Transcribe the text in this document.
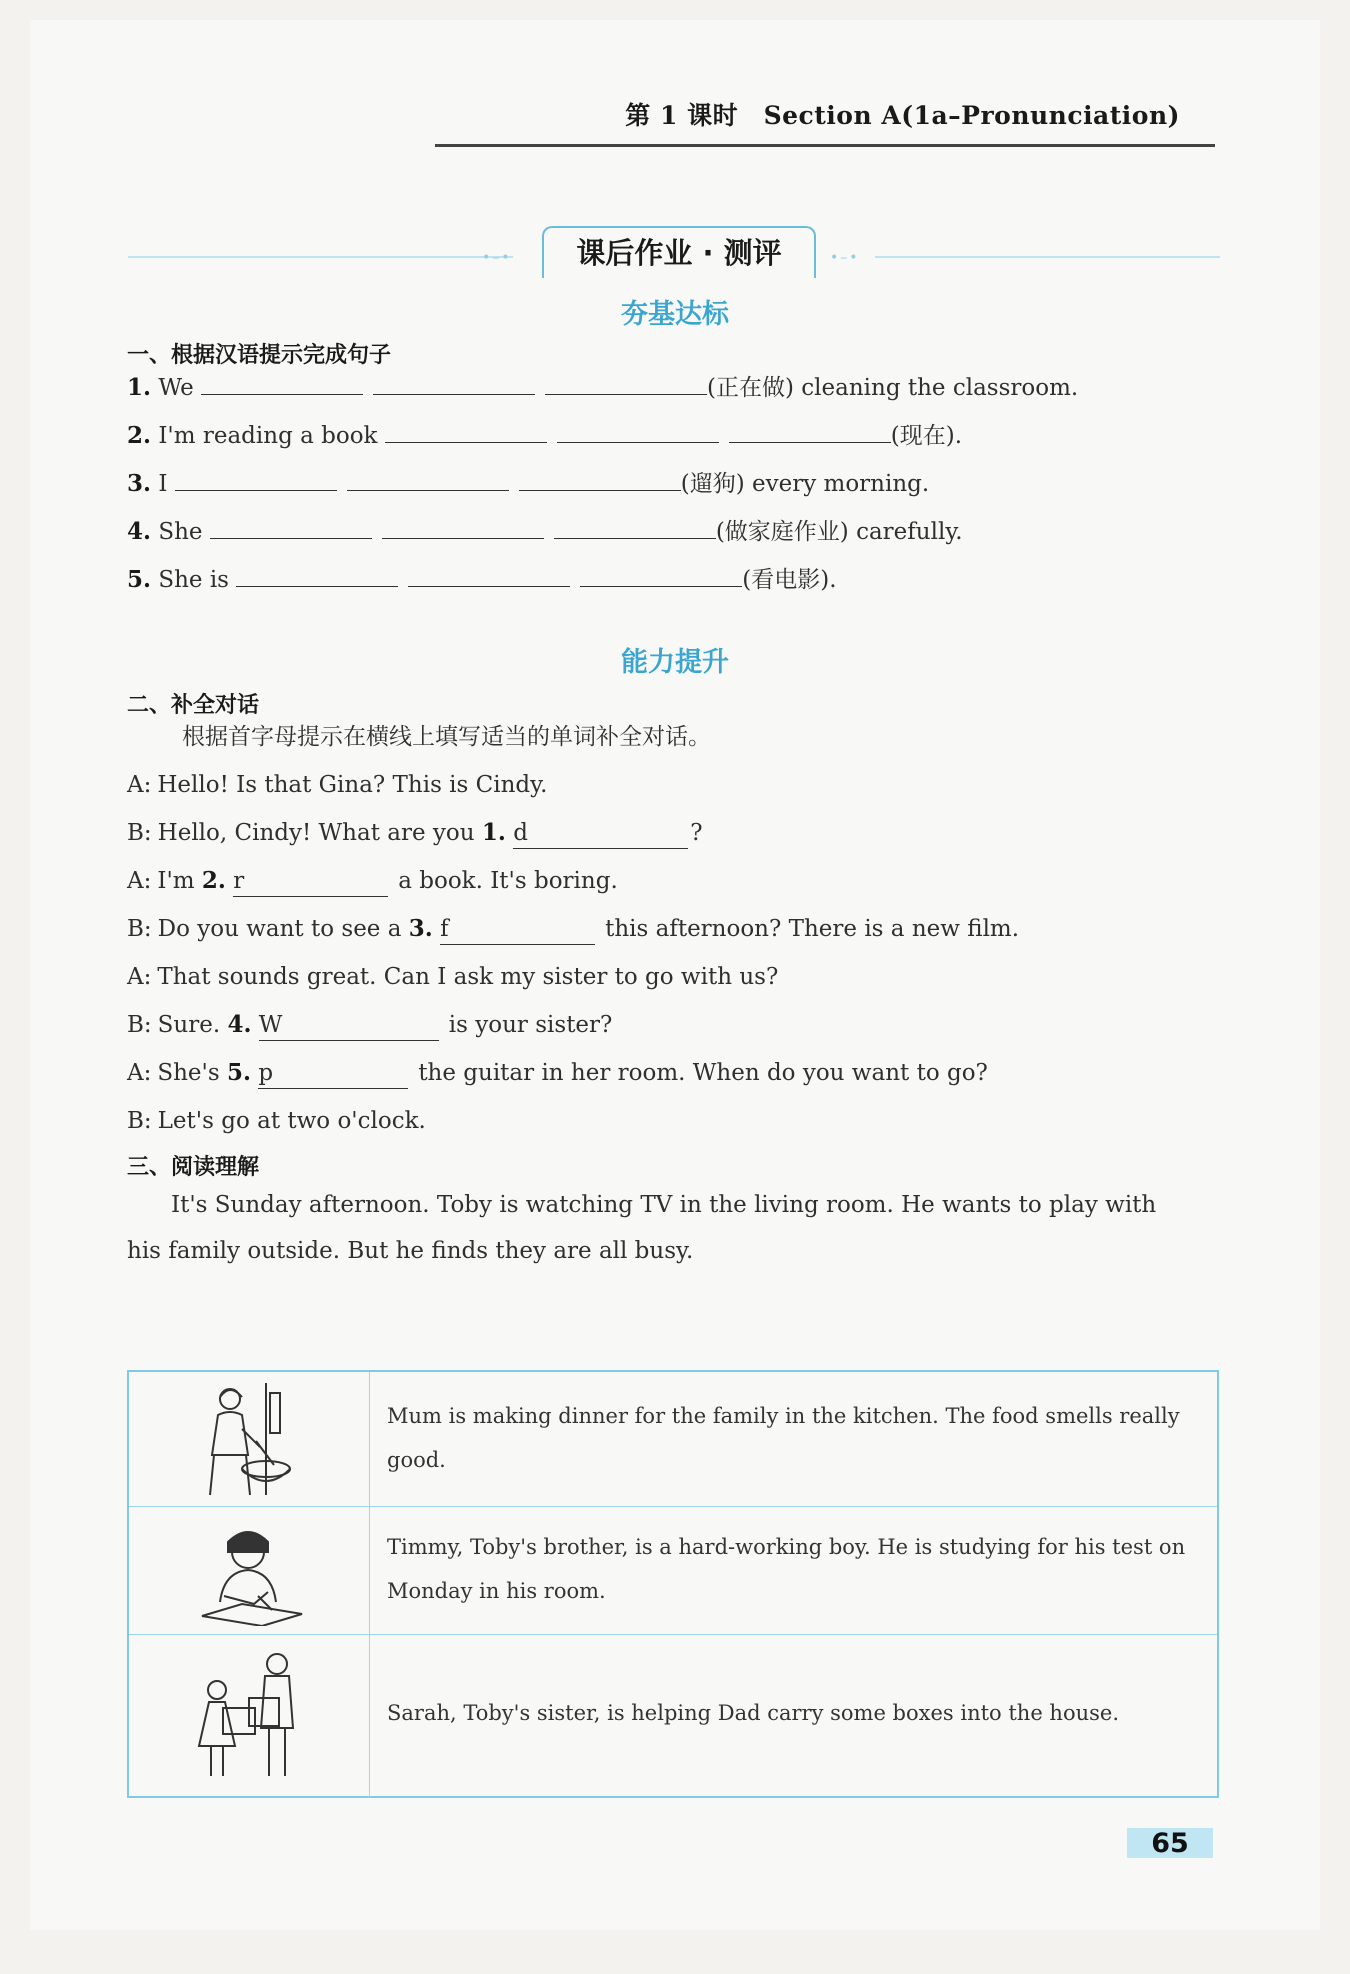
第 1 课时　Section A(1a–Pronunciation)
•–•	课后作业 · 测评	•–•
夯基达标
一、根据汉语提示完成句子
1. We	(正在做) cleaning the classroom.
2. I'm reading a book	(现在).
3. I	(遛狗) every morning.
4. She	(做家庭作业) carefully.
5. She is	(看电影).
能力提升
二、补全对话
根据首字母提示在横线上填写适当的单词补全对话。
A: Hello! Is that Gina? This is Cindy.
B: Hello, Cindy! What are you 1. d	?
A: I'm 2. r	a book. It's boring.
B: Do you want to see a 3. f	this afternoon? There is a new film.
A: That sounds great. Can I ask my sister to go with us?
B: Sure. 4. W	is your sister?
A: She's 5. p	the guitar in her room. When do you want to go?
B: Let's go at two o'clock.
三、阅读理解
It's Sunday afternoon. Toby is watching TV in the living room. He wants to play with
his family outside. But he finds they are all busy.
Mum is making dinner for the family in the kitchen. The food smells really
good.
Timmy, Toby's brother, is a hard-working boy. He is studying for his test on
Monday in his room.
Sarah, Toby's sister, is helping Dad carry some boxes into the house.
65
